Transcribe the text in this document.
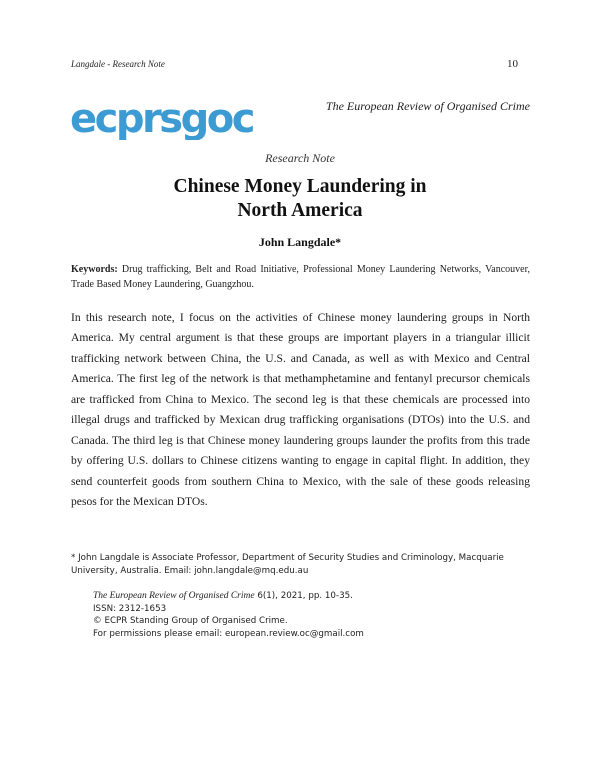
Langdale - Research Note	10
ecprsgoc	The European Review of Organised Crime
Research Note
Chinese Money Laundering in
North America
John Langdale*

Keywords: Drug trafficking, Belt and Road Initiative, Professional Money Laundering Networks, Vancouver, Trade Based Money Laundering, Guangzhou.

In this research note, I focus on the activities of Chinese money laundering groups in North America. My central argument is that these groups are important players in a triangular illicit trafficking network between China, the U.S. and Canada, as well as with Mexico and Central America. The first leg of the network is that methamphetamine and fentanyl precursor chemicals are trafficked from China to Mexico. The second leg is that these chemicals are processed into illegal drugs and trafficked by Mexican drug trafficking organisations (DTOs) into the U.S. and Canada. The third leg is that Chinese money laundering groups launder the profits from this trade by offering U.S. dollars to Chinese citizens wanting to engage in capital flight. In addition, they send counterfeit goods from southern China to Mexico, with the sale of these goods releasing pesos for the Mexican DTOs.

* John Langdale is Associate Professor, Department of Security Studies and Criminology, Macquarie University, Australia. Email: john.langdale@mq.edu.au

The European Review of Organised Crime 6(1), 2021, pp. 10-35.
ISSN: 2312-1653
© ECPR Standing Group of Organised Crime.
For permissions please email: european.review.oc@gmail.com
